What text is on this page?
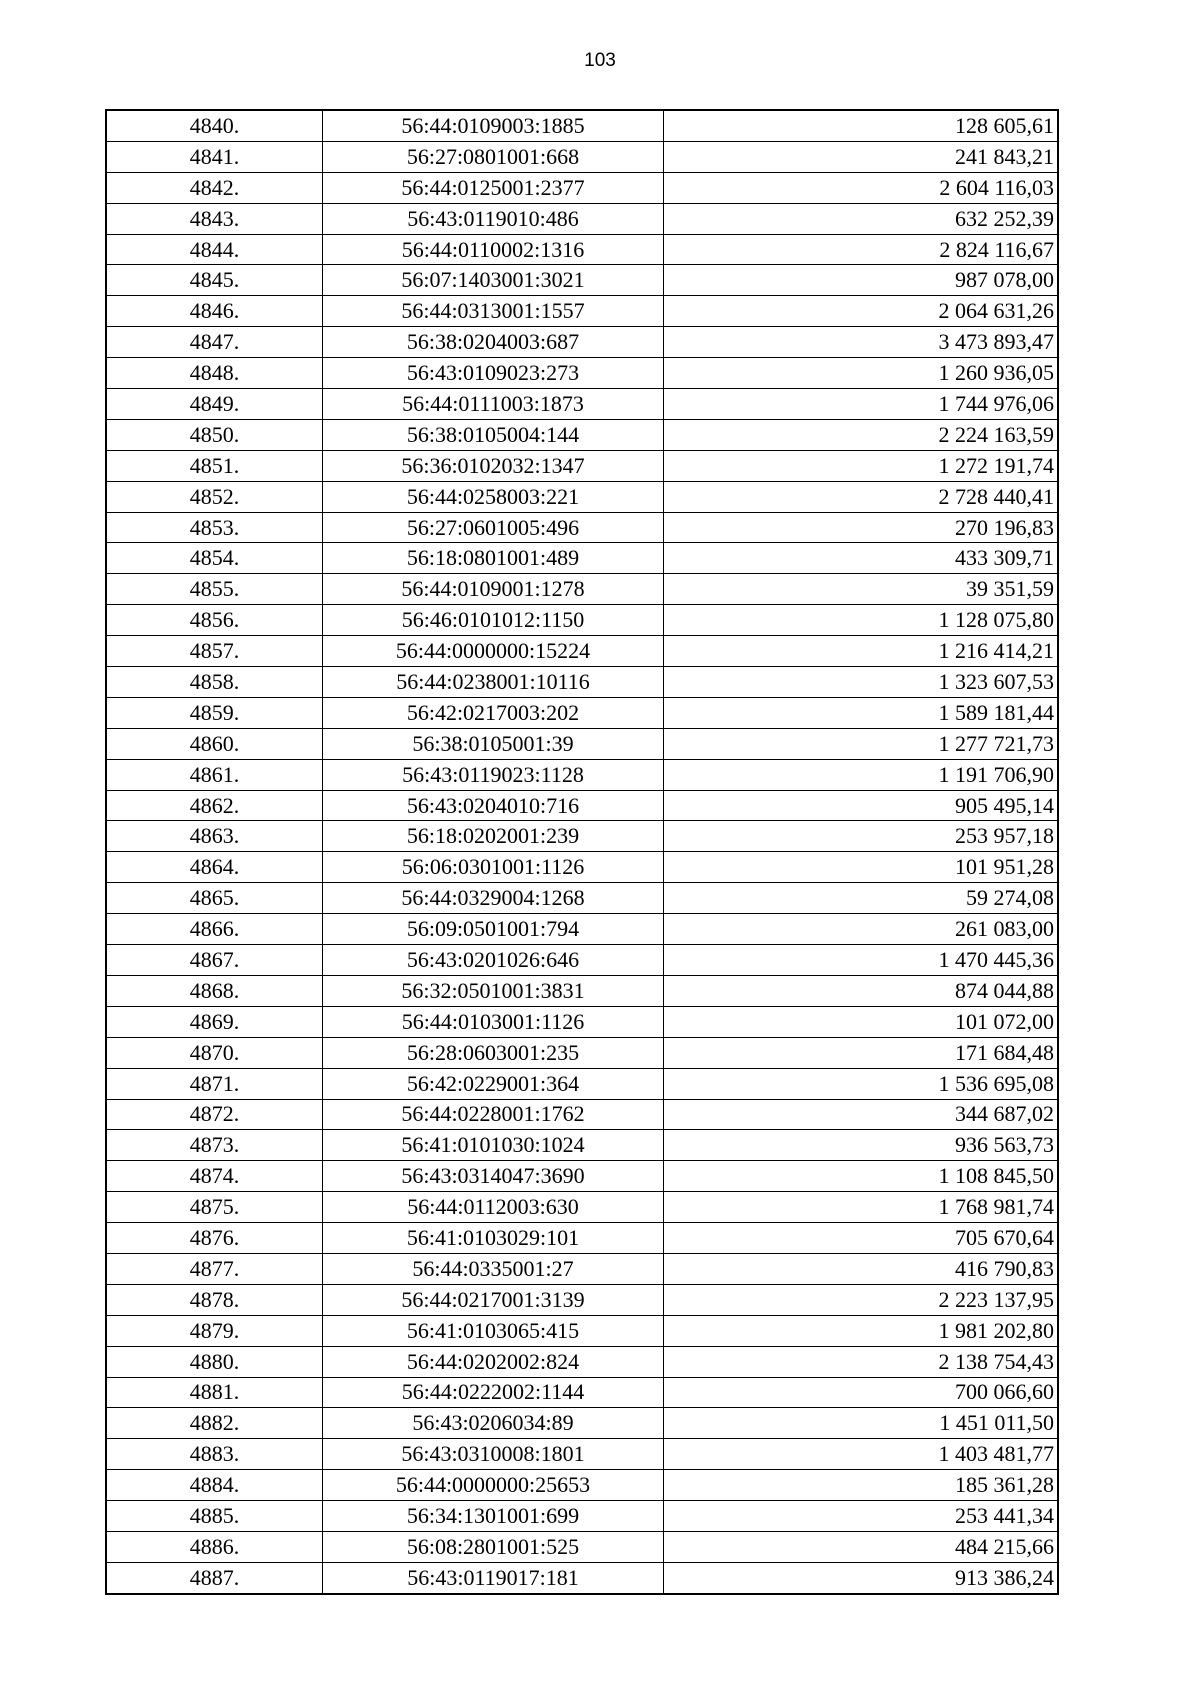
103
4840.	56:44:0109003:1885	128 605,61
4841.	56:27:0801001:668	241 843,21
4842.	56:44:0125001:2377	2 604 116,03
4843.	56:43:0119010:486	632 252,39
4844.	56:44:0110002:1316	2 824 116,67
4845.	56:07:1403001:3021	987 078,00
4846.	56:44:0313001:1557	2 064 631,26
4847.	56:38:0204003:687	3 473 893,47
4848.	56:43:0109023:273	1 260 936,05
4849.	56:44:0111003:1873	1 744 976,06
4850.	56:38:0105004:144	2 224 163,59
4851.	56:36:0102032:1347	1 272 191,74
4852.	56:44:0258003:221	2 728 440,41
4853.	56:27:0601005:496	270 196,83
4854.	56:18:0801001:489	433 309,71
4855.	56:44:0109001:1278	39 351,59
4856.	56:46:0101012:1150	1 128 075,80
4857.	56:44:0000000:15224	1 216 414,21
4858.	56:44:0238001:10116	1 323 607,53
4859.	56:42:0217003:202	1 589 181,44
4860.	56:38:0105001:39	1 277 721,73
4861.	56:43:0119023:1128	1 191 706,90
4862.	56:43:0204010:716	905 495,14
4863.	56:18:0202001:239	253 957,18
4864.	56:06:0301001:1126	101 951,28
4865.	56:44:0329004:1268	59 274,08
4866.	56:09:0501001:794	261 083,00
4867.	56:43:0201026:646	1 470 445,36
4868.	56:32:0501001:3831	874 044,88
4869.	56:44:0103001:1126	101 072,00
4870.	56:28:0603001:235	171 684,48
4871.	56:42:0229001:364	1 536 695,08
4872.	56:44:0228001:1762	344 687,02
4873.	56:41:0101030:1024	936 563,73
4874.	56:43:0314047:3690	1 108 845,50
4875.	56:44:0112003:630	1 768 981,74
4876.	56:41:0103029:101	705 670,64
4877.	56:44:0335001:27	416 790,83
4878.	56:44:0217001:3139	2 223 137,95
4879.	56:41:0103065:415	1 981 202,80
4880.	56:44:0202002:824	2 138 754,43
4881.	56:44:0222002:1144	700 066,60
4882.	56:43:0206034:89	1 451 011,50
4883.	56:43:0310008:1801	1 403 481,77
4884.	56:44:0000000:25653	185 361,28
4885.	56:34:1301001:699	253 441,34
4886.	56:08:2801001:525	484 215,66
4887.	56:43:0119017:181	913 386,24
